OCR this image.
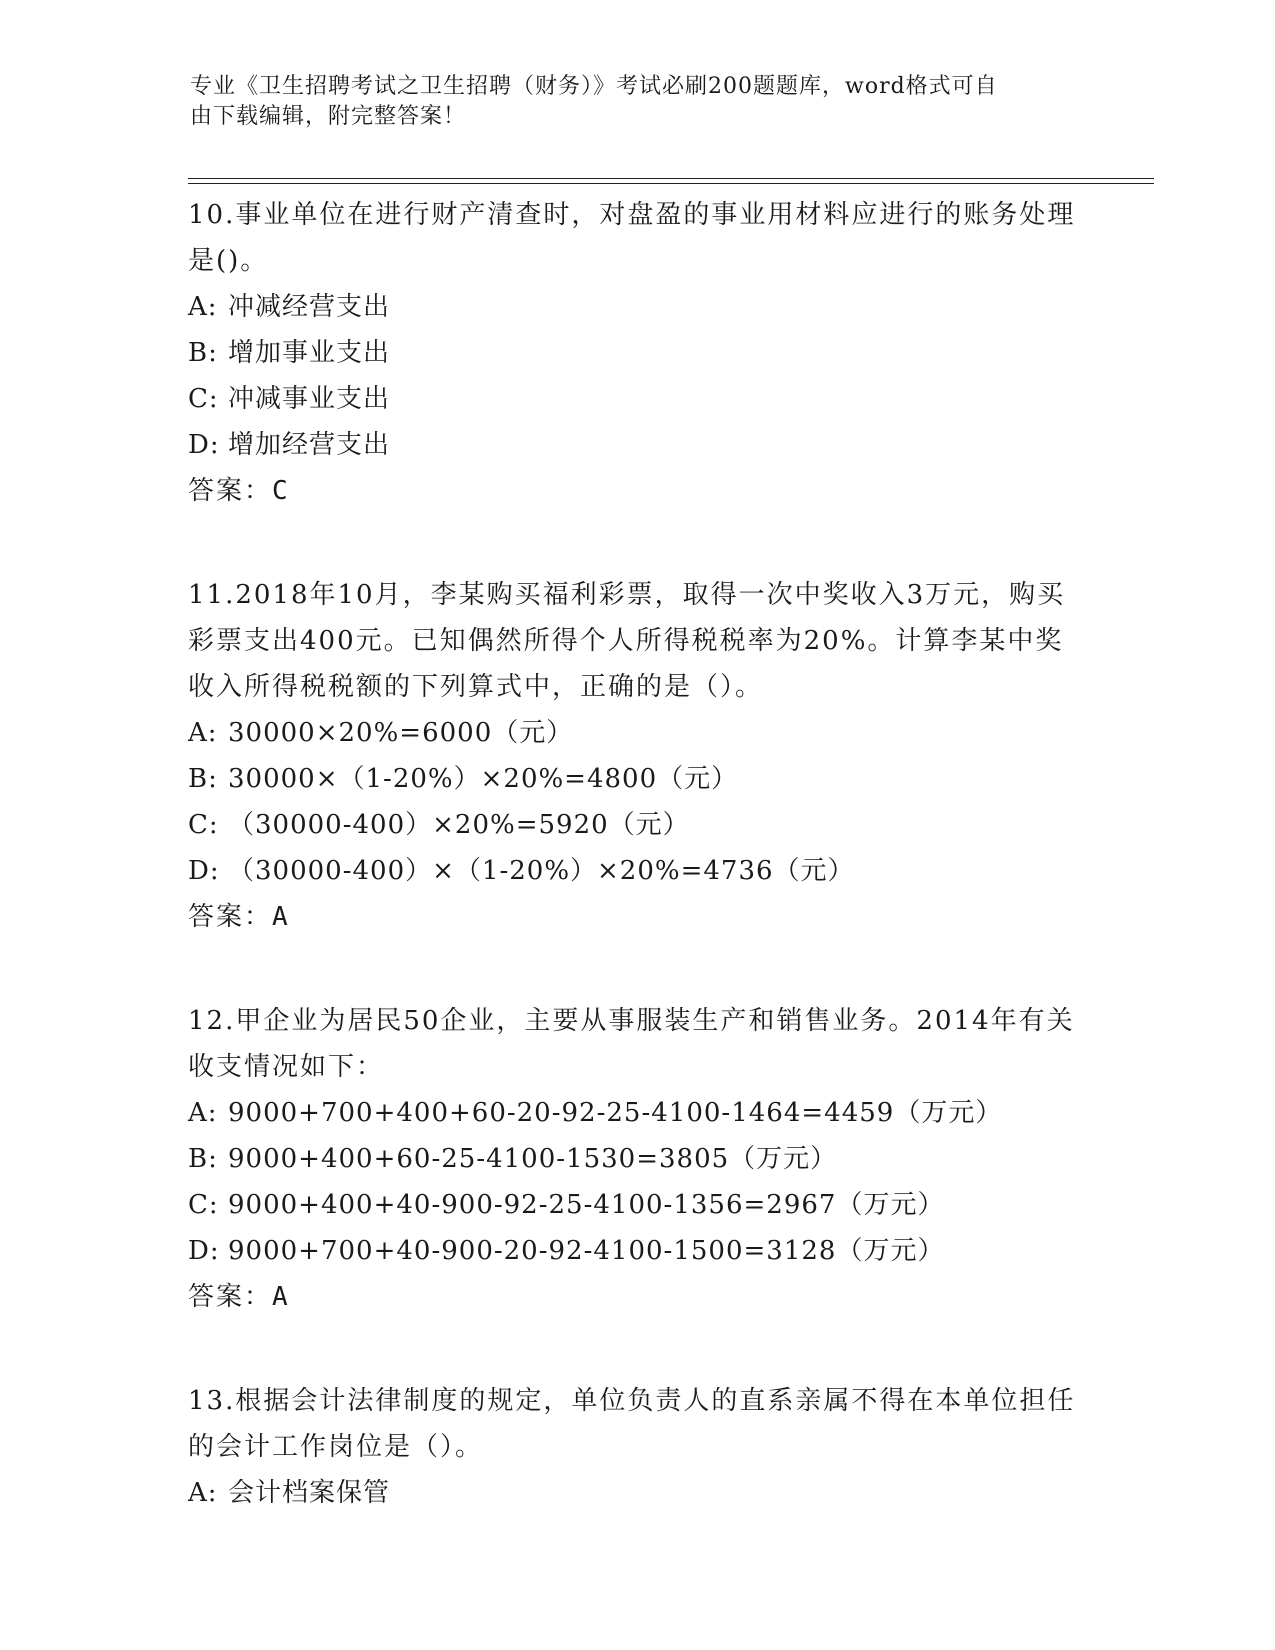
专业《卫生招聘考试之卫生招聘（财务）》考试必刷200题题库，word格式可自
由下载编辑，附完整答案！

10.事业单位在进行财产清查时，对盘盈的事业用材料应进行的账务处理是()。

A: 冲减经营支出

B: 增加事业支出

C: 冲减事业支出

D: 增加经营支出

答案：C

11.2018年10月，李某购买福利彩票，取得一次中奖收入3万元，购买彩票支出400元。已知偶然所得个人所得税税率为20%。计算李某中奖收入所得税税额的下列算式中，正确的是（）。

A: 30000×20%=6000（元）

B: 30000×（1-20%）×20%=4800（元）

C: （30000-400）×20%=5920（元）

D: （30000-400）×（1-20%）×20%=4736（元）

答案：A

12.甲企业为居民50企业，主要从事服装生产和销售业务。2014年有关收支情况如下：

A: 9000+700+400+60-20-92-25-4100-1464=4459（万元）

B: 9000+400+60-25-4100-1530=3805（万元）

C: 9000+400+40-900-92-25-4100-1356=2967（万元）

D: 9000+700+40-900-20-92-4100-1500=3128（万元）

答案：A

13.根据会计法律制度的规定，单位负责人的直系亲属不得在本单位担任的会计工作岗位是（）。

A: 会计档案保管
